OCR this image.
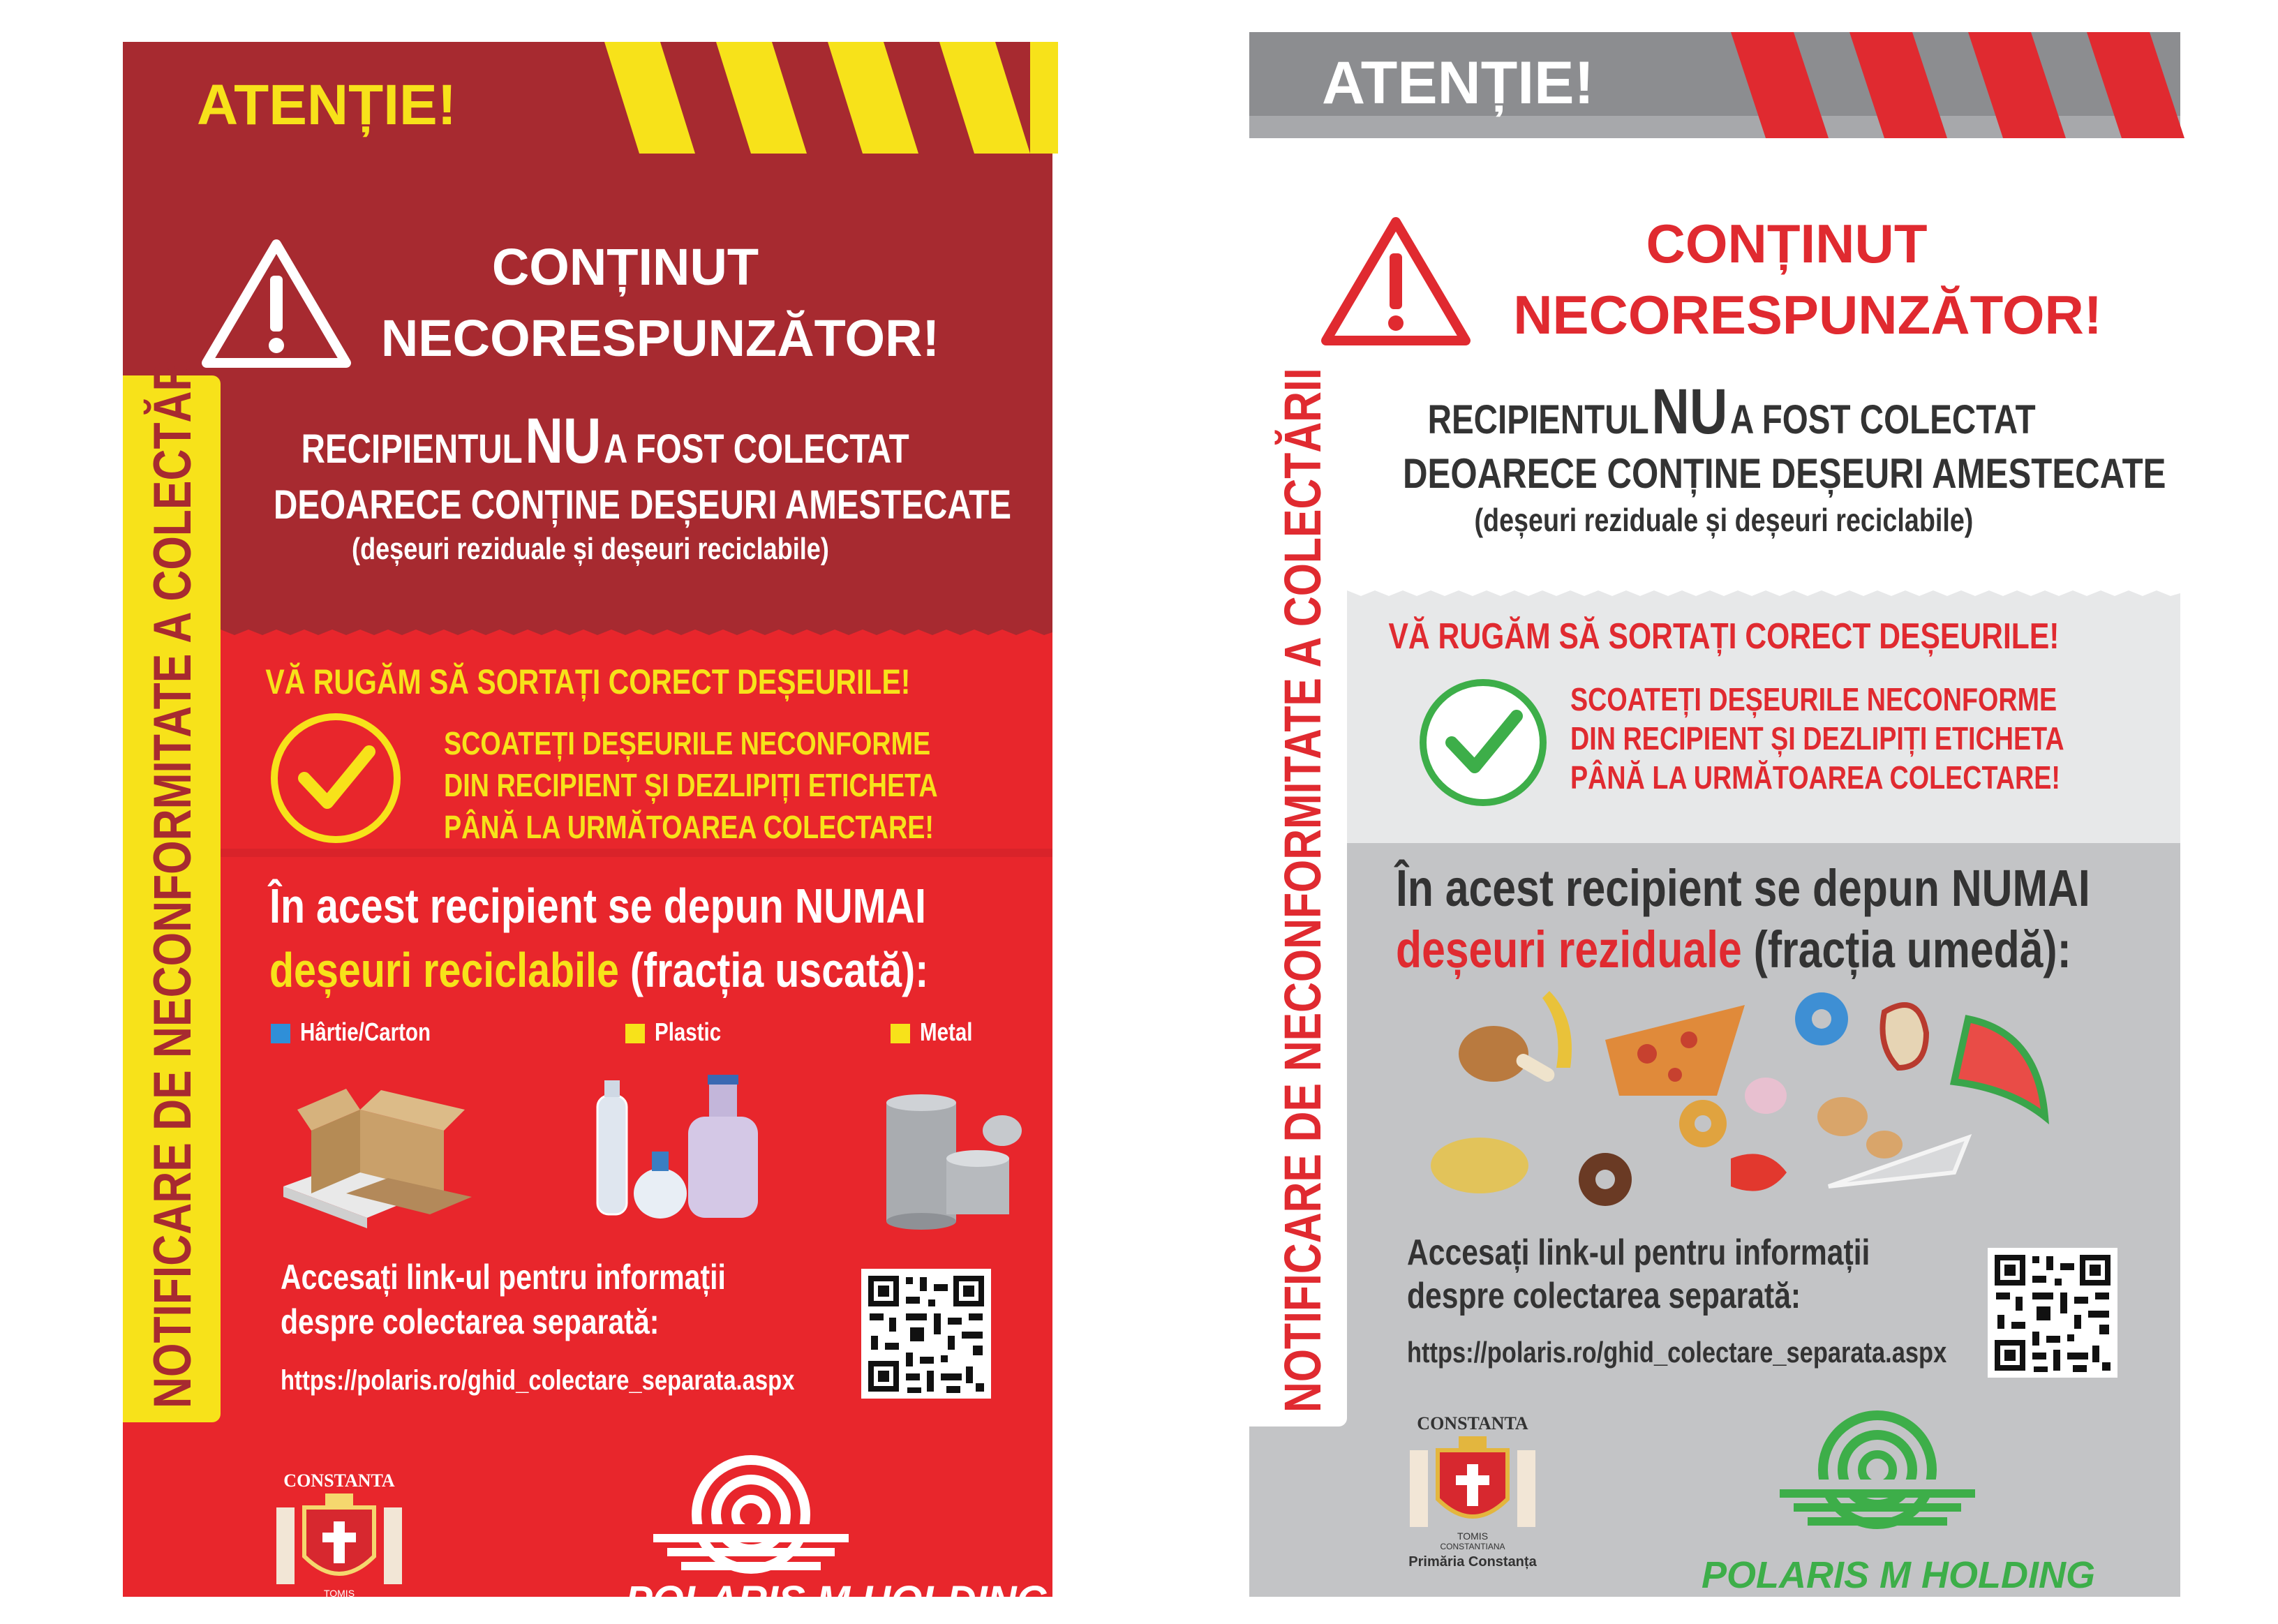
ATENȚIE!
CONȚINUT
NECORESPUNZĂTOR!
RECIPIENTUL NU A FOST COLECTAT
DEOARECE CONȚINE DEȘEURI AMESTECATE
(deșeuri reziduale și deșeuri reciclabile)
VĂ RUGĂM SĂ SORTAȚI CORECT DEȘEURILE!
SCOATEȚI DEȘEURILE NECONFORME
DIN RECIPIENT ȘI DEZLIPIȚI ETICHETA
PÂNĂ LA URMĂTOAREA COLECTARE!
În acest recipient se depun NUMAI
deșeuri reciclabile (fracția uscată):
Hârtie/Carton	Plastic	Metal
Accesați link-ul pentru informații
despre colectarea separată:
https://polaris.ro/ghid_colectare_separata.aspx
CONSTANTA
TOMIS
CONSTANTIANA	POLARIS M HOLDING
NOTIFICARE DE NECONFORMITATE A COLECTĂRII
ATENȚIE!
CONȚINUT
NECORESPUNZĂTOR!
RECIPIENTUL NU A FOST COLECTAT
DEOARECE CONȚINE DEȘEURI AMESTECATE
(deșeuri reziduale și deșeuri reciclabile)
VĂ RUGĂM SĂ SORTAȚI CORECT DEȘEURILE!
SCOATEȚI DEȘEURILE NECONFORME
DIN RECIPIENT ȘI DEZLIPIȚI ETICHETA
PÂNĂ LA URMĂTOAREA COLECTARE!
În acest recipient se depun NUMAI
deșeuri reziduale (fracția umedă):
Accesați link-ul pentru informații
despre colectarea separată:
https://polaris.ro/ghid_colectare_separata.aspx
CONSTANTA
TOMIS
CONSTANTIANA
Primăria Constanța	POLARIS M HOLDING
NOTIFICARE DE NECONFORMITATE A COLECTĂRII
